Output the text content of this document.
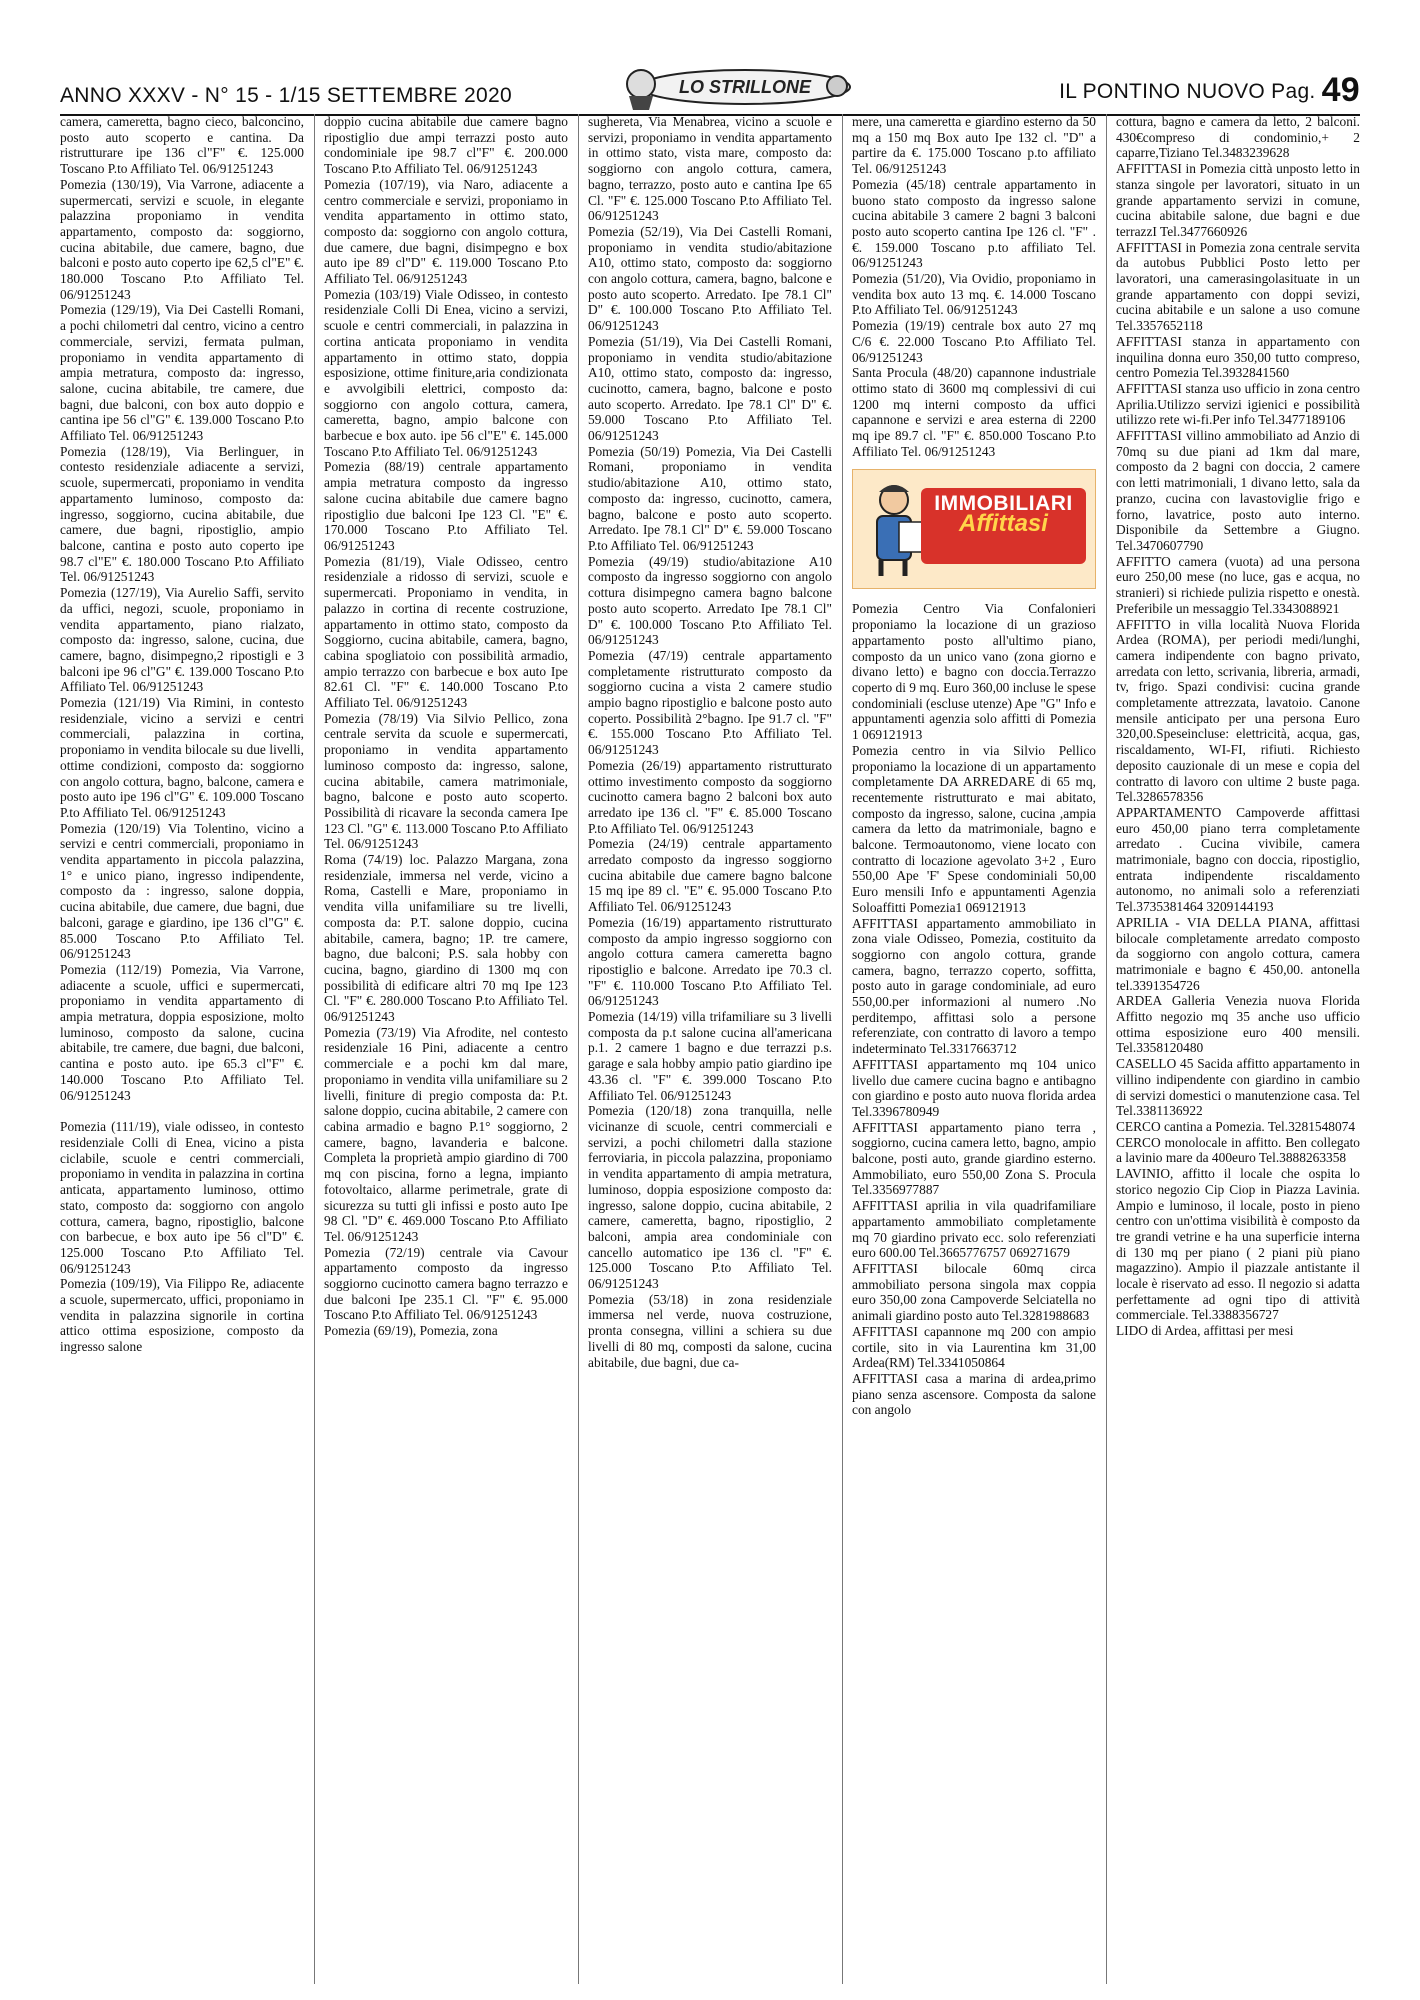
ANNO XXXV - N° 15 - 1/15 SETTEMBRE 2020	LO STRILLONE	IL PONTINO NUOVO Pag. 49

camera, cameretta, bagno cieco, balconcino, posto auto scoperto e cantina. Da ristrutturare ipe 136 cl"F" €. 125.000 Toscano P.to Affiliato Tel. 06/91251243

Pomezia (130/19), Via Varrone, adiacente a supermercati, servizi e scuole, in elegante palazzina proponiamo in vendita appartamento, composto da: soggiorno, cucina abitabile, due camere, bagno, due balconi e posto auto coperto ipe 62,5 cl"E" €. 180.000 Toscano P.to Affiliato Tel. 06/91251243

Pomezia (129/19), Via Dei Castelli Romani, a pochi chilometri dal centro, vicino a centro commerciale, servizi, fermata pulman, proponiamo in vendita appartamento di ampia metratura, composto da: ingresso, salone, cucina abitabile, tre camere, due bagni, due balconi, con box auto doppio e cantina ipe 56 cl"G" €. 139.000 Toscano P.to Affiliato Tel. 06/91251243

Pomezia (128/19), Via Berlinguer, in contesto residenziale adiacente a servizi, scuole, supermercati, proponiamo in vendita appartamento luminoso, composto da: ingresso, soggiorno, cucina abitabile, due camere, due bagni, ripostiglio, ampio balcone, cantina e posto auto coperto ipe 98.7 cl"E" €. 180.000 Toscano P.to Affiliato Tel. 06/91251243

Pomezia (127/19), Via Aurelio Saffi, servito da uffici, negozi, scuole, proponiamo in vendita appartamento, piano rialzato, composto da: ingresso, salone, cucina, due camere, bagno, disimpegno,2 ripostigli e 3 balconi ipe 96 cl"G" €. 139.000 Toscano P.to Affiliato Tel. 06/91251243

Pomezia (121/19) Via Rimini, in contesto residenziale, vicino a servizi e centri commerciali, palazzina in cortina, proponiamo in vendita bilocale su due livelli, ottime condizioni, composto da: soggiorno con angolo cottura, bagno, balcone, camera e posto auto ipe 196 cl"G" €. 109.000 Toscano P.to Affiliato Tel. 06/91251243

Pomezia (120/19) Via Tolentino, vicino a servizi e centri commerciali, proponiamo in vendita appartamento in piccola palazzina, 1° e unico piano, ingresso indipendente, composto da : ingresso, salone doppia, cucina abitabile, due camere, due bagni, due balconi, garage e giardino, ipe 136 cl"G" €. 85.000 Toscano P.to Affiliato Tel. 06/91251243

Pomezia (112/19) Pomezia, Via Varrone, adiacente a scuole, uffici e supermercati, proponiamo in vendita appartamento di ampia metratura, doppia esposizione, molto luminoso, composto da salone, cucina abitabile, tre camere, due bagni, due balconi, cantina e posto auto. ipe 65.3 cl"F" €. 140.000 Toscano P.to Affiliato Tel. 06/91251243

Pomezia (111/19), viale odisseo, in contesto residenziale Colli di Enea, vicino a pista ciclabile, scuole e centri commerciali, proponiamo in vendita in palazzina in cortina anticata, appartamento luminoso, ottimo stato, composto da: soggiorno con angolo cottura, camera, bagno, ripostiglio, balcone con barbecue, e box auto ipe 56 cl"D" €. 125.000 Toscano P.to Affiliato Tel. 06/91251243

Pomezia (109/19), Via Filippo Re, adiacente a scuole, supermercato, uffici, proponiamo in vendita in palazzina signorile in cortina attico ottima esposizione, composto da ingresso salone

doppio cucina abitabile due camere bagno ripostiglio due ampi terrazzi posto auto condominiale ipe 98.7 cl"F" €. 200.000 Toscano P.to Affiliato Tel. 06/91251243

Pomezia (107/19), via Naro, adiacente a centro commerciale e servizi, proponiamo in vendita appartamento in ottimo stato, composto da: soggiorno con angolo cottura, due camere, due bagni, disimpegno e box auto ipe 89 cl"D" €. 119.000 Toscano P.to Affiliato Tel. 06/91251243

Pomezia (103/19) Viale Odisseo, in contesto residenziale Colli Di Enea, vicino a servizi, scuole e centri commerciali, in palazzina in cortina anticata proponiamo in vendita appartamento in ottimo stato, doppia esposizione, ottime finiture,aria condizionata e avvolgibili elettrici, composto da: soggiorno con angolo cottura, camera, cameretta, bagno, ampio balcone con barbecue e box auto. ipe 56 cl"E" €. 145.000 Toscano P.to Affiliato Tel. 06/91251243

Pomezia (88/19) centrale appartamento ampia metratura composto da ingresso salone cucina abitabile due camere bagno ripostiglio due balconi Ipe 123 Cl. "E" €. 170.000 Toscano P.to Affiliato Tel. 06/91251243

Pomezia (81/19), Viale Odisseo, centro residenziale a ridosso di servizi, scuole e supermercati. Proponiamo in vendita, in palazzo in cortina di recente costruzione, appartamento in ottimo stato, composto da Soggiorno, cucina abitabile, camera, bagno, cabina spogliatoio con possibilità armadio, ampio terrazzo con barbecue e box auto Ipe 82.61 Cl. "F" €. 140.000 Toscano P.to Affiliato Tel. 06/91251243

Pomezia (78/19) Via Silvio Pellico, zona centrale servita da scuole e supermercati, proponiamo in vendita appartamento luminoso composto da: ingresso, salone, cucina abitabile, camera matrimoniale, bagno, balcone e posto auto scoperto. Possibilità di ricavare la seconda camera Ipe 123 Cl. "G" €. 113.000 Toscano P.to Affiliato Tel. 06/91251243

Roma (74/19) loc. Palazzo Margana, zona residenziale, immersa nel verde, vicino a Roma, Castelli e Mare, proponiamo in vendita villa unifamiliare su tre livelli, composta da: P.T. salone doppio, cucina abitabile, camera, bagno; 1P. tre camere, bagno, due balconi; P.S. sala hobby con cucina, bagno, giardino di 1300 mq con possibilità di edificare altri 70 mq Ipe 123 Cl. "F" €. 280.000 Toscano P.to Affiliato Tel. 06/91251243

Pomezia (73/19) Via Afrodite, nel contesto residenziale 16 Pini, adiacente a centro commerciale e a pochi km dal mare, proponiamo in vendita villa unifamiliare su 2 livelli, finiture di pregio composta da: P.t. salone doppio, cucina abitabile, 2 camere con cabina armadio e bagno P.1° soggiorno, 2 camere, bagno, lavanderia e balcone. Completa la proprietà ampio giardino di 700 mq con piscina, forno a legna, impianto fotovoltaico, allarme perimetrale, grate di sicurezza su tutti gli infissi e posto auto Ipe 98 Cl. "D" €. 469.000 Toscano P.to Affiliato Tel. 06/91251243

Pomezia (72/19) centrale via Cavour appartamento composto da ingresso soggiorno cucinotto camera bagno terrazzo e due balconi Ipe 235.1 Cl. "F" €. 95.000 Toscano P.to Affiliato Tel. 06/91251243

Pomezia (69/19), Pomezia, zona

sughereta, Via Menabrea, vicino a scuole e servizi, proponiamo in vendita appartamento in ottimo stato, vista mare, composto da: soggiorno con angolo cottura, camera, bagno, terrazzo, posto auto e cantina Ipe 65 Cl. "F" €. 125.000 Toscano P.to Affiliato Tel. 06/91251243

Pomezia (52/19), Via Dei Castelli Romani, proponiamo in vendita studio/abitazione A10, ottimo stato, composto da: soggiorno con angolo cottura, camera, bagno, balcone e posto auto scoperto. Arredato. Ipe 78.1 Cl" D" €. 100.000 Toscano P.to Affiliato Tel. 06/91251243

Pomezia (51/19), Via Dei Castelli Romani, proponiamo in vendita studio/abitazione A10, ottimo stato, composto da: ingresso, cucinotto, camera, bagno, balcone e posto auto scoperto. Arredato. Ipe 78.1 Cl" D" €. 59.000 Toscano P.to Affiliato Tel. 06/91251243

Pomezia (50/19) Pomezia, Via Dei Castelli Romani, proponiamo in vendita studio/abitazione A10, ottimo stato, composto da: ingresso, cucinotto, camera, bagno, balcone e posto auto scoperto. Arredato. Ipe 78.1 Cl" D" €. 59.000 Toscano P.to Affiliato Tel. 06/91251243

Pomezia (49/19) studio/abitazione A10 composto da ingresso soggiorno con angolo cottura disimpegno camera bagno balcone posto auto scoperto. Arredato Ipe 78.1 Cl" D" €. 100.000 Toscano P.to Affiliato Tel. 06/91251243

Pomezia (47/19) centrale appartamento completamente ristrutturato composto da soggiorno cucina a vista 2 camere studio ampio bagno ripostiglio e balcone posto auto coperto. Possibilità 2°bagno. Ipe 91.7 cl. "F" €. 155.000 Toscano P.to Affiliato Tel. 06/91251243

Pomezia (26/19) appartamento ristrutturato ottimo investimento composto da soggiorno cucinotto camera bagno 2 balconi box auto arredato ipe 136 cl. "F" €. 85.000 Toscano P.to Affiliato Tel. 06/91251243

Pomezia (24/19) centrale appartamento arredato composto da ingresso soggiorno cucina abitabile due camere bagno balcone 15 mq ipe 89 cl. "E" €. 95.000 Toscano P.to Affiliato Tel. 06/91251243

Pomezia (16/19) appartamento ristrutturato composto da ampio ingresso soggiorno con angolo cottura camera cameretta bagno ripostiglio e balcone. Arredato ipe 70.3 cl. "F" €. 110.000 Toscano P.to Affiliato Tel. 06/91251243

Pomezia (14/19) villa trifamiliare su 3 livelli composta da p.t salone cucina all'americana p.1. 2 camere 1 bagno e due terrazzi p.s. garage e sala hobby ampio patio giardino ipe 43.36 cl. "F" €. 399.000 Toscano P.to Affiliato Tel. 06/91251243

Pomezia (120/18) zona tranquilla, nelle vicinanze di scuole, centri commerciali e servizi, a pochi chilometri dalla stazione ferroviaria, in piccola palazzina, proponiamo in vendita appartamento di ampia metratura, luminoso, doppia esposizione composto da: ingresso, salone doppio, cucina abitabile, 2 camere, cameretta, bagno, ripostiglio, 2 balconi, ampia area condominiale con cancello automatico ipe 136 cl. "F" €. 125.000 Toscano P.to Affiliato Tel. 06/91251243

Pomezia (53/18) in zona residenziale immersa nel verde, nuova costruzione, pronta consegna, villini a schiera su due livelli di 80 mq, composti da salone, cucina abitabile, due bagni, due ca-

mere, una cameretta e giardino esterno da 50 mq a 150 mq Box auto Ipe 132 cl. "D" a partire da €. 175.000 Toscano p.to affiliato Tel. 06/91251243

Pomezia (45/18) centrale appartamento in buono stato composto da ingresso salone cucina abitabile 3 camere 2 bagni 3 balconi posto auto scoperto cantina Ipe 126 cl. "F" .€. 159.000 Toscano p.to affiliato Tel. 06/91251243

Pomezia (51/20), Via Ovidio, proponiamo in vendita box auto 13 mq. €. 14.000 Toscano P.to Affiliato Tel. 06/91251243

Pomezia (19/19) centrale box auto 27 mq C/6 €. 22.000 Toscano P.to Affiliato Tel. 06/91251243

Santa Procula (48/20) capannone industriale ottimo stato di 3600 mq complessivi di cui 1200 mq interni composto da uffici capannone e servizi e area esterna di 2200 mq ipe 89.7 cl. "F" €. 850.000 Toscano P.to Affiliato Tel. 06/91251243

IMMOBILIARI
Affittasi

Pomezia Centro Via Confalonieri proponiamo la locazione di un grazioso appartamento posto all'ultimo piano, composto da un unico vano (zona giorno e divano letto) e bagno con doccia.Terrazzo coperto di 9 mq. Euro 360,00 incluse le spese condominiali (escluse utenze) Ape "G" Info e appuntamenti agenzia solo affitti di Pomezia 1 069121913

Pomezia centro in via Silvio Pellico proponiamo la locazione di un appartamento completamente DA ARREDARE di 65 mq, recentemente ristrutturato e mai abitato, composto da ingresso, salone, cucina ,ampia camera da letto da matrimoniale, bagno e balcone. Termoautonomo, viene locato con contratto di locazione agevolato 3+2 , Euro 550,00 Ape 'F' Spese condominiali 50,00 Euro mensili Info e appuntamenti Agenzia Soloaffitti Pomezia1 069121913

AFFITTASI appartamento ammobiliato in zona viale Odisseo, Pomezia, costituito da soggiorno con angolo cottura, grande camera, bagno, terrazzo coperto, soffitta, posto auto in garage condominiale, ad euro 550,00.per informazioni al numero .No perditempo, affittasi solo a persone referenziate, con contratto di lavoro a tempo indeterminato Tel.3317663712

AFFITTASI appartamento mq 104 unico livello due camere cucina bagno e antibagno con giardino e posto auto nuova florida ardea Tel.3396780949

AFFITTASI appartamento piano terra , soggiorno, cucina camera letto, bagno, ampio balcone, posti auto, grande giardino esterno. Ammobiliato, euro 550,00 Zona S. Procula Tel.3356977887

AFFITTASI aprilia in vila quadrifamiliare appartamento ammobiliato completamente mq 70 giardino privato ecc. solo referenziati euro 600.00 Tel.3665776757 069271679

AFFITTASI bilocale 60mq circa ammobiliato persona singola max coppia euro 350,00 zona Campoverde Selciatella no animali giardino posto auto Tel.3281988683

AFFITTASI capannone mq 200 con ampio cortile, sito in via Laurentina km 31,00 Ardea(RM) Tel.3341050864

AFFITTASI casa a marina di ardea,primo piano senza ascensore. Composta da salone con angolo

cottura, bagno e camera da letto, 2 balconi. 430€compreso di condominio,+ 2 caparre,Tiziano Tel.3483239628

AFFITTASI in Pomezia città unposto letto in stanza singole per lavoratori, situato in un grande appartamento servizi in comune, cucina abitabile salone, due bagni e due terrazzI Tel.3477660926

AFFITTASI in Pomezia zona centrale servita da autobus Pubblici Posto letto per lavoratori, una camerasingolasituate in un grande appartamento con doppi sevizi, cucina abitabile e un salone a uso comune Tel.3357652118

AFFITTASI stanza in appartamento con inquilina donna euro 350,00 tutto compreso, centro Pomezia Tel.3932841560

AFFITTASI stanza uso ufficio in zona centro Aprilia.Utilizzo servizi igienici e possibilità utilizzo rete wi-fi.Per info Tel.3477189106

AFFITTASI villino ammobiliato ad Anzio di 70mq su due piani ad 1km dal mare, composto da 2 bagni con doccia, 2 camere con letti matrimoniali, 1 divano letto, sala da pranzo, cucina con lavastoviglie frigo e forno, lavatrice, posto auto interno. Disponibile da Settembre a Giugno. Tel.3470607790

AFFITTO camera (vuota) ad una persona euro 250,00 mese (no luce, gas e acqua, no stranieri) si richiede pulizia rispetto e onestà. Preferibile un messaggio Tel.3343088921

AFFITTO in villa località Nuova Florida Ardea (ROMA), per periodi medi/lunghi, camera indipendente con bagno privato, arredata con letto, scrivania, libreria, armadi, tv, frigo. Spazi condivisi: cucina grande completamente attrezzata, lavatoio. Canone mensile anticipato per una persona Euro 320,00.Speseincluse: elettricità, acqua, gas, riscaldamento, WI-FI, rifiuti. Richiesto deposito cauzionale di un mese e copia del contratto di lavoro con ultime 2 buste paga. Tel.3286578356

APPARTAMENTO Campoverde affittasi euro 450,00 piano terra completamente arredato . Cucina vivibile, camera matrimoniale, bagno con doccia, ripostiglio, entrata indipendente riscaldamento autonomo, no animali solo a referenziati Tel.3735381464 3209144193

APRILIA - VIA DELLA PIANA, affittasi bilocale completamente arredato composto da soggiorno con angolo cottura, camera matrimoniale e bagno € 450,00. antonella tel.3391354726

ARDEA Galleria Venezia nuova Florida Affitto negozio mq 35 anche uso ufficio ottima esposizione euro 400 mensili. Tel.3358120480

CASELLO 45 Sacida affitto appartamento in villino indipendente con giardino in cambio di servizi domestici o manutenzione casa. Tel Tel.3381136922

CERCO cantina a Pomezia. Tel.3281548074

CERCO monolocale in affitto. Ben collegato a lavinio mare da 400euro Tel.3888263358

LAVINIO, affitto il locale che ospita lo storico negozio Cip Ciop in Piazza Lavinia. Ampio e luminoso, il locale, posto in pieno centro con un'ottima visibilità è composto da tre grandi vetrine e ha una superficie interna di 130 mq per piano ( 2 piani più piano magazzino). Ampio il piazzale antistante il locale è riservato ad esso. Il negozio si adatta perfettamente ad ogni tipo di attività commerciale. Tel.3388356727

LIDO di Ardea, affittasi per mesi
